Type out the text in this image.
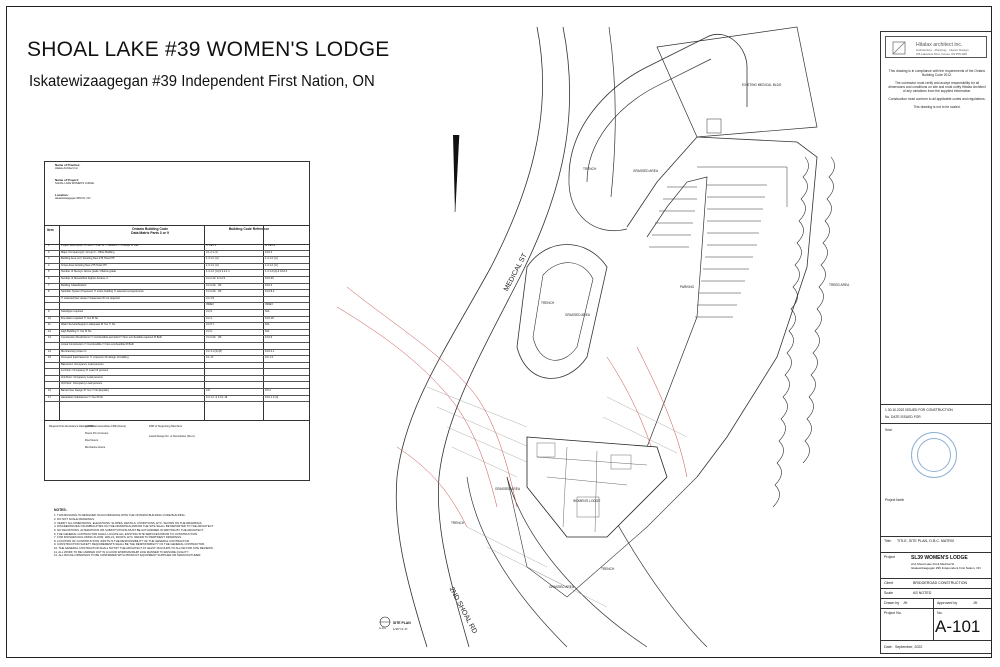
SHOAL LAKE #39 WOMEN'S LODGE
Iskatewizaagegan #39 Independent First Nation, ON
MEDICAL ST
2ND SHOAL RD
EXISTING MEDICAL BLDG
TRENCH	GRASSED AREA
TRENCH
GRASSED AREA
PARKING	TREED AREA
GRASSED AREA
WOMEN'S LODGE
TRENCH
GRASSED AREA
TRENCH
SITE PLAN
1/16"=1'-0"
A-101
Name of Practice:
Hitalax Architect Inc.
Name of Project:
SHOAL LAKE WOMEN'S LODGE
Location:
Iskatewizaagegan #39 FN, ON
Item	Ontario Building Code
Data Matrix Parts 3 or 9
Building Code Reference
1	Project Description: ☒ New ☐ Part 11 ☐ Addition ☐ Change of Use	☐ Part 3	☒ Part 9
2	Major Occupancy(s): Group D - Office Building	3.1.2.1.(1)	9.10.2
3	Building Area (m²): Existing New 275 Total 275	1.4.1.2. [A]	1.4.1.2. [A]
4	Gross Area: Existing New 275 Total 275	1.4.1.2. [A]	1.4.1.2. [A]
5	Number of Storeys: Above grade 1 Below grade	1.4.1.2. [A] & 3.2.1.1	1.4.1.2 [A] & 9.10.4
6	Number of Streets/Fire Fighter Access: 2	3.2.2.10. & 3.2.5	9.10.20
7	Building Classification:	3.2.2.20. - 83	9.10.2
8	Sprinkler System Proposed: ☐ entire building ☐ selected compartments	3.2.2.20. - 83	9.10.8.2
☐ selected floor areas ☐ basement ☒ not required	3.2.1.5.
INDEX	INDEX
9	Standpipe required	3.2.9.	N/A
10	Fire Alarm required ☐ Yes ☒ No	3.2.4.	9.10.18
11	Water Service/Supply is Adequate ☒ Yes ☐ No	3.2.5.7.	N/A
12	High Building ☐ Yes ☒ No	3.2.6.	N/A
13	Construction Restrictions ☐ Combustible permitted ☐ Non-combustible required ☒ Both	3.2.2.20. - 83	9.10.6
Actual Construction ☐ Combustible ☐ Non-combustible ☒ Both
14	Mezzanine(s) Area m²	3.2.1.1.(3)-(8)	9.10.4.1
15	Occupant load based on ☐ m²/person ☒ design of building	3.1.17.	9.9.1.3
Basement: Occupancy Load persons
1st Floor: Occupancy D Load 16 persons
2nd Floor: Occupancy Load persons
3rd Floor: Occupancy Load persons
16	Barrier-free Design ☒ Yes ☐ No (Explain)	3.8.	9.5.2
17	Hazardous Substances ☐ Yes ☒ No	3.3.1.2. & 3.3.1.19.	9.10.1.3.(4)
Required Fire Resistance Rating (FRR)
Horizontal Assemblies FRR (Hours)
Floors 45 min Hours
Roof Hours
Mezzanine Hours
FRR of Supporting Members
Listed Design No. or Description (SG-2)
NOTES:
1. THIS BUILDING IS DESIGNED IN ACCORDANCE WITH THE ONTARIO BUILDING CODE BUILDING.
2. DO NOT SCALE DRAWINGS.
3. VERIFY ALL DIMENSIONS, ELEVATIONS, SLOPES, DETAILS, CONDITIONS, ETC. SHOWN ON THE DRAWINGS.
4. DISCREPANCIES OR AMBIGUITIES ON THE DRAWINGS AND/OR THE SITE SHALL BE REPORTED TO THE ARCHITECT.
5. NO DEVIATIONS, ALTERATIONS OR SUBSTITUTIONS MUST BE AUTHORIZED IN WRITING BY THE ARCHITECT.
6. THE GENERAL CONTRACTOR SHALL LOCATE ALL EXISTING SITE SERVICES PRIOR TO CONSTRUCTION.
7. FOR FINISHES INCLUDING FLOOR, WALLS, ROOFS, ETC. REFER TO PERTINENT DRAWINGS.
8. LOCATION OF CONSTRUCTION JOINTS IS THE RESPONSIBILITY OF THE GENERAL CONTRACTOR.
9. CONSTRUCTION SAFETY REQUIREMENTS SHALL BE THE RESPONSIBILITY OF THE GENERAL CONTRACTOR.
10. THE GENERAL CONTRACTOR SHALL NOTIFY THE ARCHITECT AT LEAST 48 HOURS TO ALLOW FOR SITE REVIEWS.
11. ALL WORK TO BE CARRIED OUT IN A GOOD WORKMANSHIP LIKE MANNER TO ENSURE QUALITY.
12. ALL ROUGH OPENINGS TO BE CONFIRMED WITH PRODUCT EQUIPMENT SUPPLIER OR MANUFACTURER.
Hitalax architect inc.
Architecture · Planning · Interior Design
425 Lakeshore Drive, Kenora, ON P9N 3W6

This drawing is in compliance with the requirements of the Ontario Building Code 2012.

The contractor must verify and accept responsibility for all dimensions and conditions on site and must notify Hitalax Architect of any variations from the supplied information.

Construction must conform to all applicable codes and regulations.

This drawing is not to be scaled.

1 30.10.2022 ISSUED FOR CONSTRUCTION
No. DATE ISSUED FOR
Seal
Project North
Title: TITLE, SITE PLAN, O.B.C. MATRIX
Project	SL39 WOMEN'S LODGE
2nd Shoal Lake Rd & Medical St
Iskatewizaagegan #39 Independent First Nation, ON
Client	BRIDGEROAD CONSTRUCTION
Scale	AS NOTED
Drawn by JH	Approved by	JH
Project No.	No.
A-101
Date: September, 2022
